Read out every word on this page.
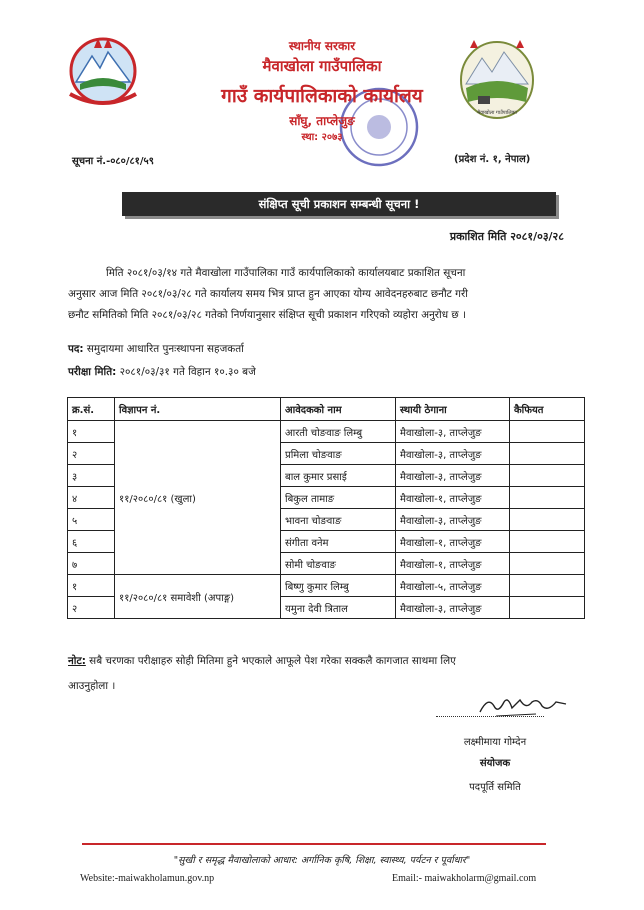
मैवाखोला गाउँपालिका
स्थानीय सरकार
मैवाखोला गाउँपालिका
गाउँ कार्यपालिकाको कार्यालय
साँघु, ताप्लेजुङ
स्था: २०७३
सूचना नं.-०८०/८१/५९	(प्रदेश नं. १, नेपाल)
संक्षिप्त सूची प्रकाशन सम्बन्धी सूचना !
प्रकाशित मिति २०८१/०३/२८
मिति २०८१/०३/१४ गते मैवाखोला गाउँपालिका गाउँ कार्यपालिकाको कार्यालयबाट प्रकाशित सूचना
अनुसार आज मिति २०८१/०३/२८ गते कार्यालय समय भित्र प्राप्त हुन आएका योग्य आवेदनहरुबाट छनौट गरी
छनौट समितिको मिति २०८१/०३/२८ गतेको निर्णयानुसार संक्षिप्त सूची प्रकाशन गरिएको व्यहोरा अनुरोध छ ।
पद: समुदायमा आधारित पुनःस्थापना सहजकर्ता
परीक्षा मिति: २०८१/०३/३१ गते विहान १०.३० बजे
क्र.सं.	विज्ञापन नं.	आवेदकको नाम	स्थायी ठेगाना	कैफियत
१	११/२०८०/८१ (खुला)	आरती चोङवाङ लिम्बु	मैवाखोला-३, ताप्लेजुङ	
२		प्रमिला चोङवाङ	मैवाखोला-३, ताप्लेजुङ	
३		बाल कुमार प्रसाई	मैवाखोला-३, ताप्लेजुङ	
४		बिकुल तामाङ	मैवाखोला-१, ताप्लेजुङ	
५		भावना चोङवाङ	मैवाखोला-३, ताप्लेजुङ	
६		संगीता वनेम	मैवाखोला-१, ताप्लेजुङ	
७		सोमी चोङवाङ	मैवाखोला-१, ताप्लेजुङ	
१	११/२०८०/८१ समावेशी (अपाङ्ग)	बिष्णु कुमार लिम्बु	मैवाखोला-५, ताप्लेजुङ	
२		यमुना देवी त्रिताल	मैवाखोला-३, ताप्लेजुङ	
नोट: सबै चरणका परीक्षाहरु सोही मितिमा हुने भएकाले आफूले पेश गरेका सक्कलै कागजात साथमा लिए
आउनुहोला ।
लक्ष्मीमाया गोम्देन
संयोजक
पदपूर्ति समिति
"सुखी र समृद्ध मैवाखोलाको आधार: अर्गानिक कृषि, शिक्षा, स्वास्थ्य, पर्यटन र पूर्वाधार"
Website:-maiwakholamun.gov.np	Email:- maiwakholarm@gmail.com
